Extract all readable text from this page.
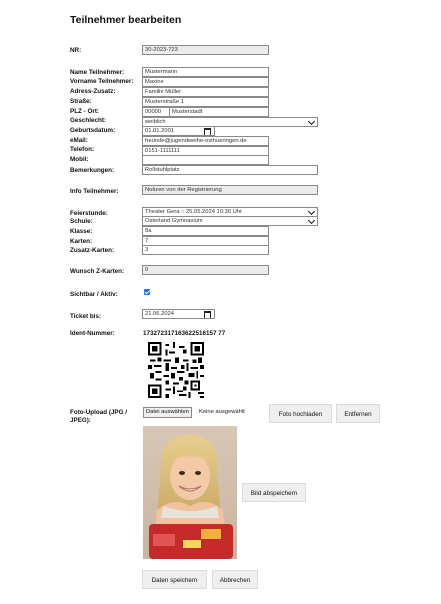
Teilnehmer bearbeiten
NR:	30-2023-723
Name Teilnehmer:	Mustermann
Vorname Teilnehmer:	Maxine
Adress-Zusatz:	Familie Müller
Straße:	Musterstraße 1
PLZ - Ort:	00000	Musterstadt
Geschlecht:	weiblich
Geburtsdatum:	01.01.2001
eMail:	freunde@jugendweihe-osthueringen.de
Telefon:	0151-1111111
Mobil:
Bemerkungen:	Rollstuhlplatz
Info Teilnehmer:	Notizen von der Registrierung
Feierstunde:	Theater Gera :: 25.05.2024 10:30 Uhr
Schule:	Osterland Gymnasium
Klasse:	8a
Karten:	7
Zusatz-Karten:	3
Wunsch Z-Karten:	0
Sichtbar / Aktiv:
Ticket bis:	21.06.2024
Ident-Nummer:	173272317163622516157 77
Foto-Upload (JPG / JPEG):
Datei auswählen	Keine ausgewählt	Foto hochladen	Entfernen
Bild abspeichern
Daten speichern	Abbrechen
